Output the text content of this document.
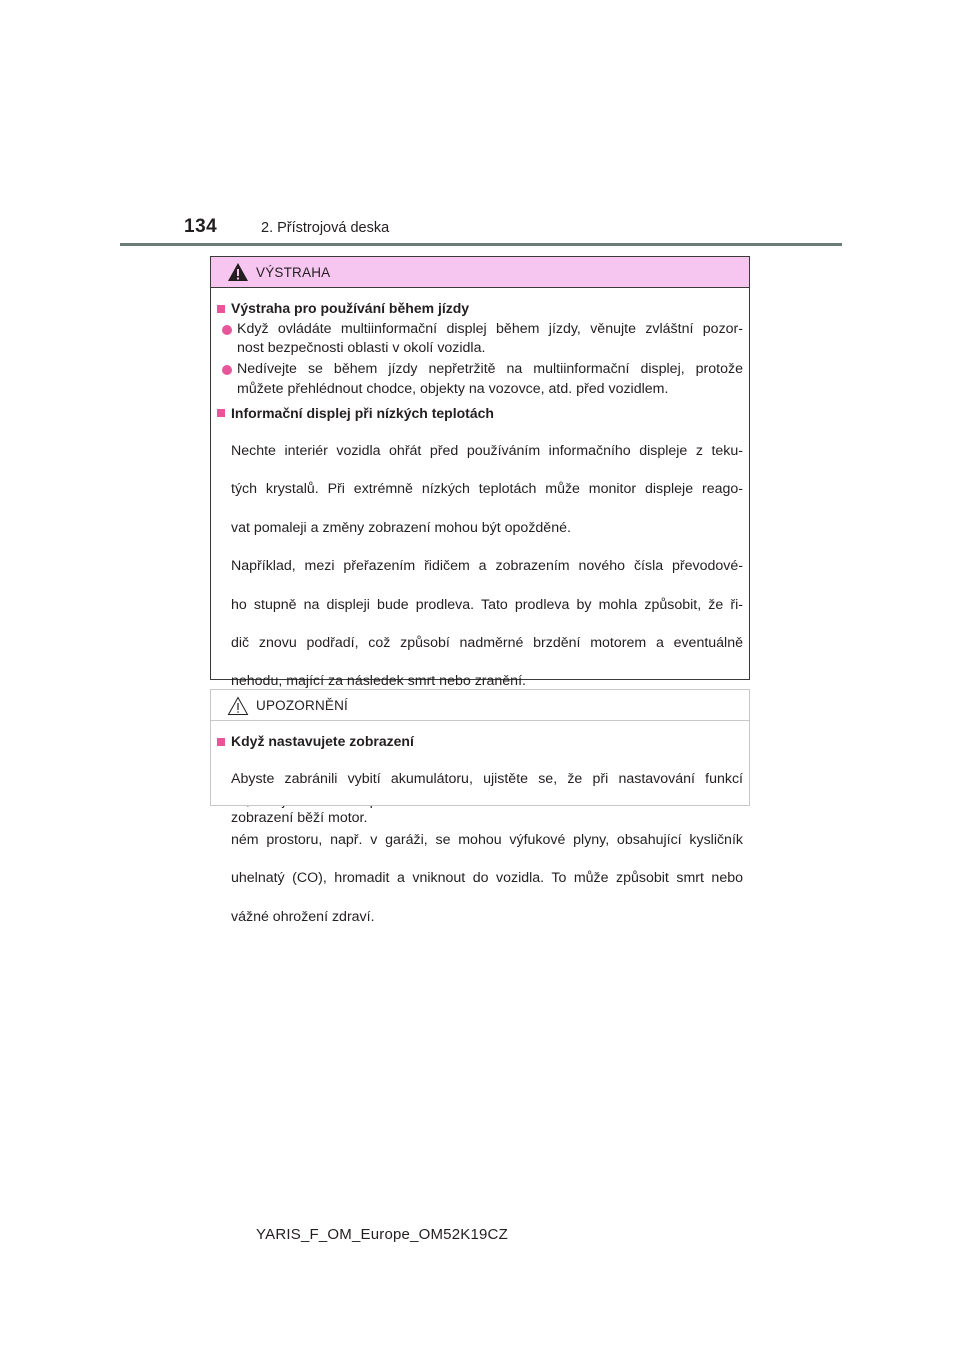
134	2. Přístrojová deska
VÝSTRAHA
Výstraha pro používání během jízdy
Když ovládáte multiinformační displej během jízdy, věnujte zvláštní pozor-
nost bezpečnosti oblasti v okolí vozidla.
Nedívejte se během jízdy nepřetržitě na multiinformační displej, protože
můžete přehlédnout chodce, objekty na vozovce, atd. před vozidlem.
Informační displej při nízkých teplotách

Nechte interiér vozidla ohřát před používáním informačního displeje z teku-

tých krystalů. Při extrémně nízkých teplotách může monitor displeje reago-

vat pomaleji a změny zobrazení mohou být opožděné.

Například, mezi přeřazením řidičem a zobrazením nového čísla převodové-

ho stupně na displeji bude prodleva. Tato prodleva by mohla způsobit, že ři-

dič znovu podřadí, což způsobí nadměrné brzdění motorem a eventuálně

nehodu, mající za následek smrt nebo zranění.

ném prostoru, např. v garáži, se mohou výfukové plyny, obsahující kysličník

uhelnatý (CO), hromadit a vniknout do vozidla. To může způsobit smrt nebo

vážné ohrožení zdraví.

UPOZORNĚNÍ
Když nastavujete zobrazení

Abyste zabránili vybití akumulátoru, ujistěte se, že při nastavování funkcí

zobrazení běží motor.

YARIS_F_OM_Europe_OM52K19CZ
